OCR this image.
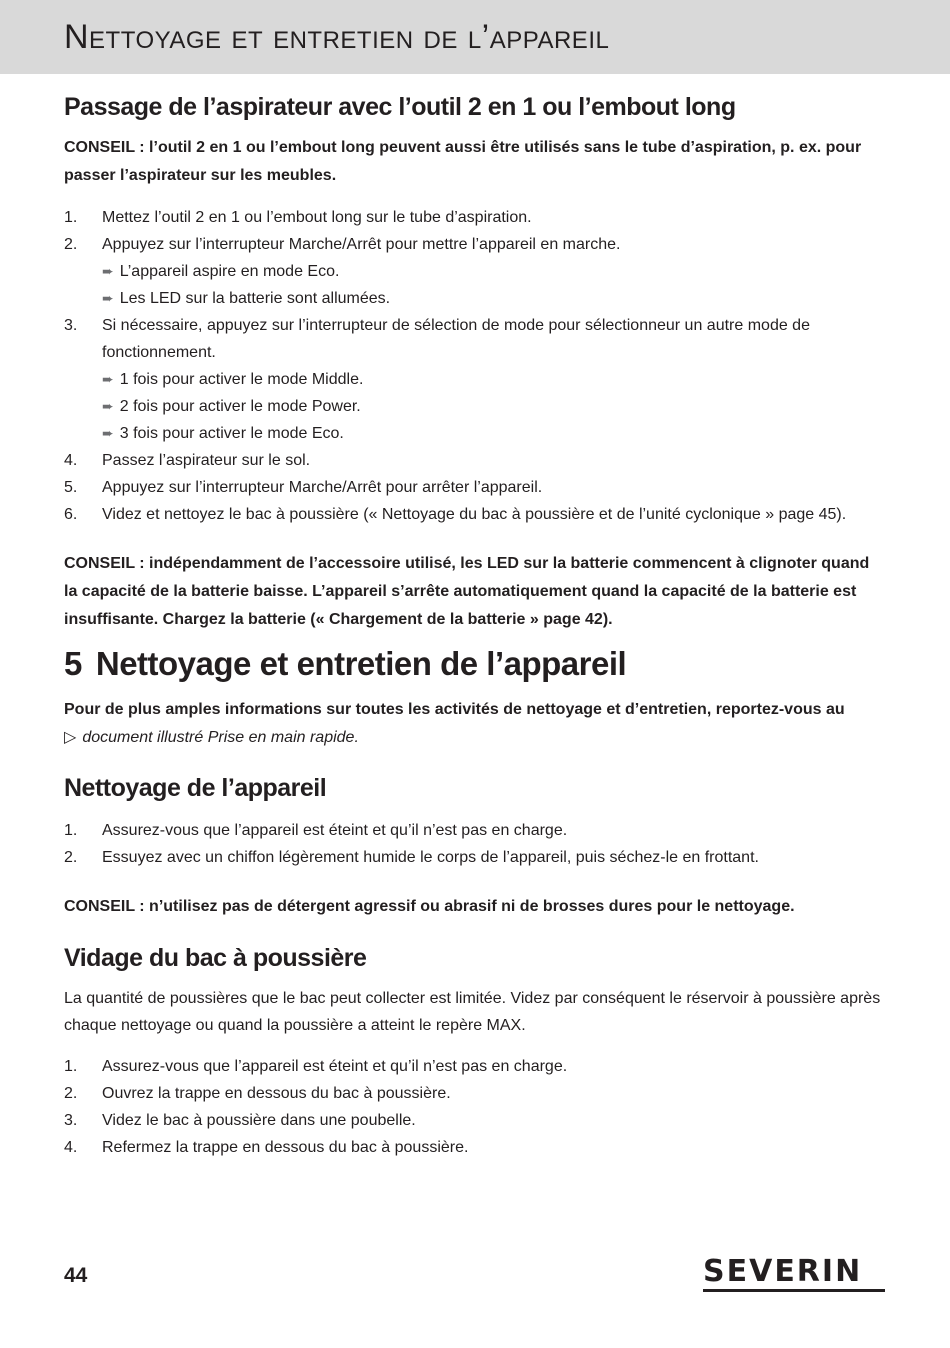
Nettoyage et entretien de l’appareil
Passage de l’aspirateur avec l’outil 2 en 1 ou l’embout long

CONSEIL : l’outil 2 en 1 ou l’embout long peuvent aussi être utilisés sans le tube d’aspiration, p. ex. pour passer l’aspirateur sur les meubles.

1. Mettez l’outil 2 en 1 ou l’embout long sur le tube d’aspiration.
2. Appuyez sur l’interrupteur Marche/Arrêt pour mettre l’appareil en marche.
➨ L’appareil aspire en mode Eco.
➨ Les LED sur la batterie sont allumées.
3. Si nécessaire, appuyez sur l’interrupteur de sélection de mode pour sélectionneur un autre mode de fonctionnement.
➨ 1 fois pour activer le mode Middle.
➨ 2 fois pour activer le mode Power.
➨ 3 fois pour activer le mode Eco.
4. Passez l’aspirateur sur le sol.
5. Appuyez sur l’interrupteur Marche/Arrêt pour arrêter l’appareil.
6. Videz et nettoyez le bac à poussière (« Nettoyage du bac à poussière et de l’unité cyclonique » page 45).

CONSEIL : indépendamment de l’accessoire utilisé, les LED sur la batterie commencent à clignoter quand la capacité de la batterie baisse. L’appareil s’arrête automatiquement quand la capacité de la batterie est insuffisante. Chargez la batterie (« Chargement de la batterie » page 42).

5 Nettoyage et entretien de l’appareil

Pour de plus amples informations sur toutes les activités de nettoyage et d’entretien, reportez-vous au

▷ document illustré Prise en main rapide.

Nettoyage de l’appareil
1. Assurez-vous que l’appareil est éteint et qu’il n’est pas en charge.
2. Essuyez avec un chiffon légèrement humide le corps de l’appareil, puis séchez-le en frottant.

CONSEIL : n’utilisez pas de détergent agressif ou abrasif ni de brosses dures pour le nettoyage.

Vidage du bac à poussière

La quantité de poussières que le bac peut collecter est limitée. Videz par conséquent le réservoir à poussière après chaque nettoyage ou quand la poussière a atteint le repère MAX.

1. Assurez-vous que l’appareil est éteint et qu’il n’est pas en charge.
2. Ouvrez la trappe en dessous du bac à poussière.
3. Videz le bac à poussière dans une poubelle.
4. Refermez la trappe en dessous du bac à poussière.
44	SEVERIN
